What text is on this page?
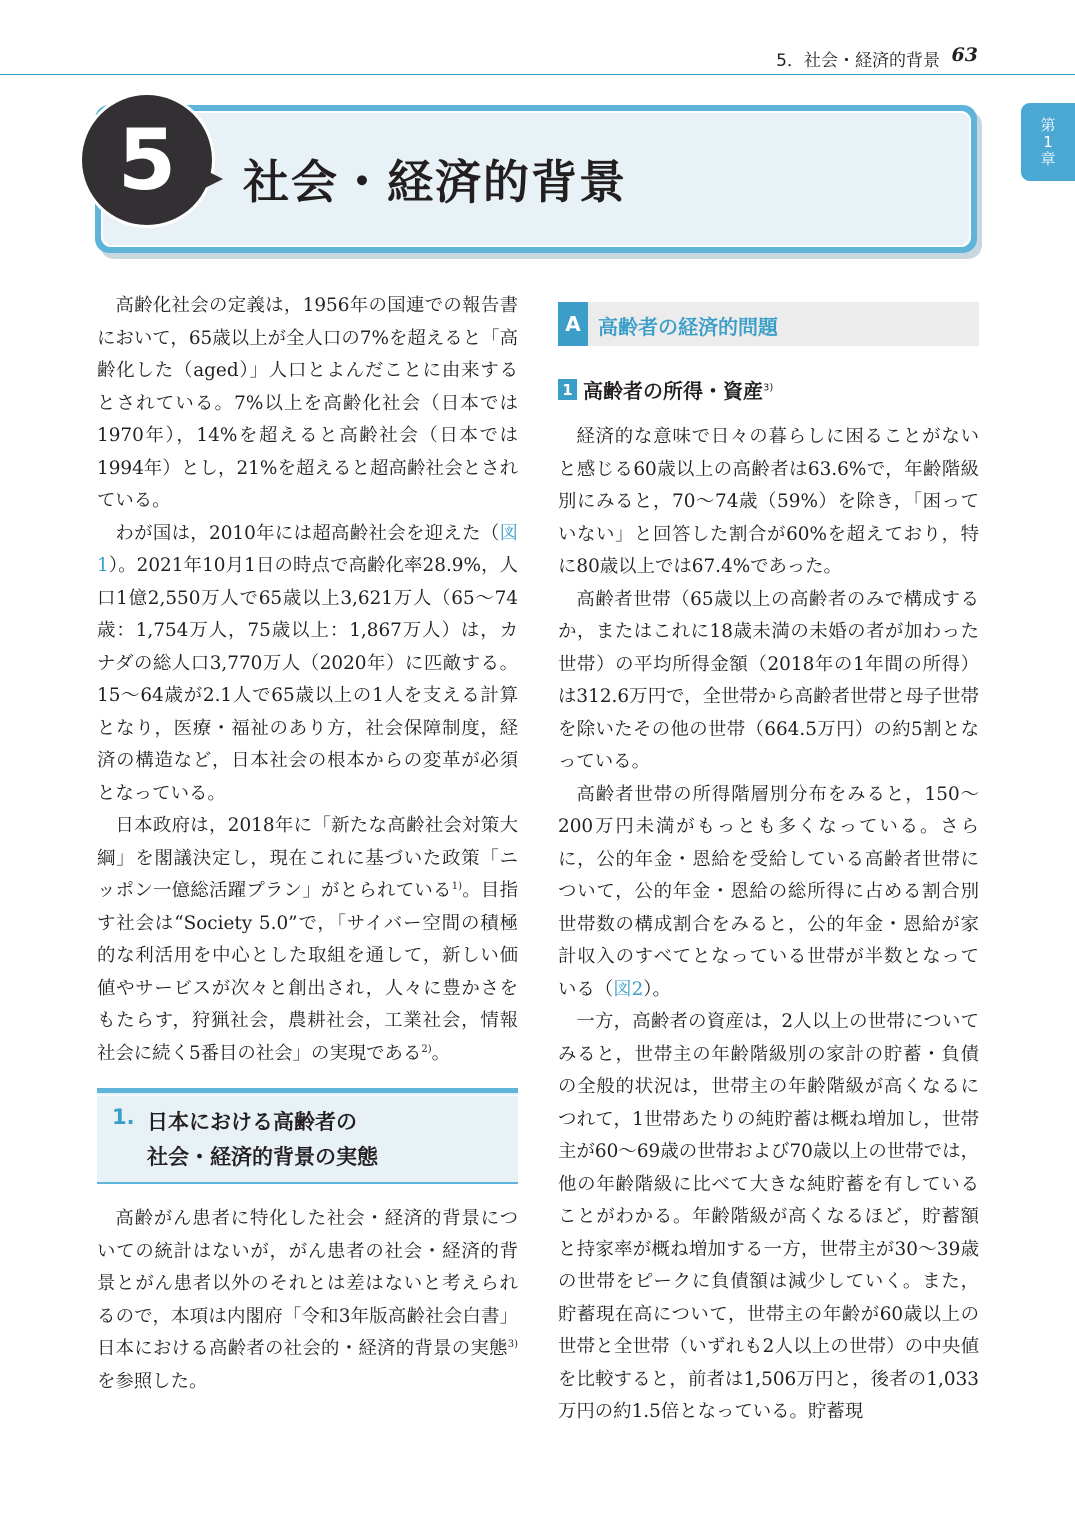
5．社会・経済的背景 63
第
1
章
5	社会・経済的背景

高齢化社会の定義は，1956年の国連での報告書において，65歳以上が全人口の7%を超えると「高齢化した（aged）」人口とよんだことに由来するとされている。7%以上を高齢化社会（日本では1970年），14%を超えると高齢社会（日本では1994年）とし，21%を超えると超高齢社会とされている。

わが国は，2010年には超高齢社会を迎えた（図1）。2021年10月1日の時点で高齢化率28.9%，人口1億2,550万人で65歳以上3,621万人（65〜74歳：1,754万人，75歳以上：1,867万人）は，カナダの総人口3,770万人（2020年）に匹敵する。15〜64歳が2.1人で65歳以上の1人を支える計算となり，医療・福祉のあり方，社会保障制度，経済の構造など，日本社会の根本からの変革が必須となっている。

日本政府は，2018年に「新たな高齢社会対策大綱」を閣議決定し，現在これに基づいた政策「ニッポン一億総活躍プラン」がとられている$^{1)}$。目指す社会は“Society 5.0”で，「サイバー空間の積極的な利活用を中心とした取組を通して，新しい価値やサービスが次々と創出され，人々に豊かさをもたらす，狩猟社会，農耕社会，工業社会，情報社会に続く5番目の社会」の実現である$^{2)}$。

1. 日本における高齢者の
社会・経済的背景の実態

高齢がん患者に特化した社会・経済的背景についての統計はないが，がん患者の社会・経済的背景とがん患者以外のそれとは差はないと考えられるので，本項は内閣府「令和3年版高齢社会白書」日本における高齢者の社会的・経済的背景の実態$^{3)}$を参照した。

A 高齢者の経済的問題
1 高齢者の所得・資産$^{3)}$

経済的な意味で日々の暮らしに困ることがないと感じる60歳以上の高齢者は63.6%で，年齢階級別にみると，70〜74歳（59%）を除き，「困っていない」と回答した割合が60%を超えており，特に80歳以上では67.4%であった。

高齢者世帯（65歳以上の高齢者のみで構成するか，またはこれに18歳未満の未婚の者が加わった世帯）の平均所得金額（2018年の1年間の所得）は312.6万円で，全世帯から高齢者世帯と母子世帯を除いたその他の世帯（664.5万円）の約5割となっている。

高齢者世帯の所得階層別分布をみると，150〜200万円未満がもっとも多くなっている。さらに，公的年金・恩給を受給している高齢者世帯について，公的年金・恩給の総所得に占める割合別世帯数の構成割合をみると，公的年金・恩給が家計収入のすべてとなっている世帯が半数となっている（図2）。

一方，高齢者の資産は，2人以上の世帯についてみると，世帯主の年齢階級別の家計の貯蓄・負債の全般的状況は，世帯主の年齢階級が高くなるにつれて，1世帯あたりの純貯蓄は概ね増加し，世帯主が60〜69歳の世帯および70歳以上の世帯では，他の年齢階級に比べて大きな純貯蓄を有していることがわかる。年齢階級が高くなるほど，貯蓄額と持家率が概ね増加する一方，世帯主が30〜39歳の世帯をピークに負債額は減少していく。また，貯蓄現在高について，世帯主の年齢が60歳以上の世帯と全世帯（いずれも2人以上の世帯）の中央値を比較すると，前者は1,506万円と，後者の1,033万円の約1.5倍となっている。貯蓄現
